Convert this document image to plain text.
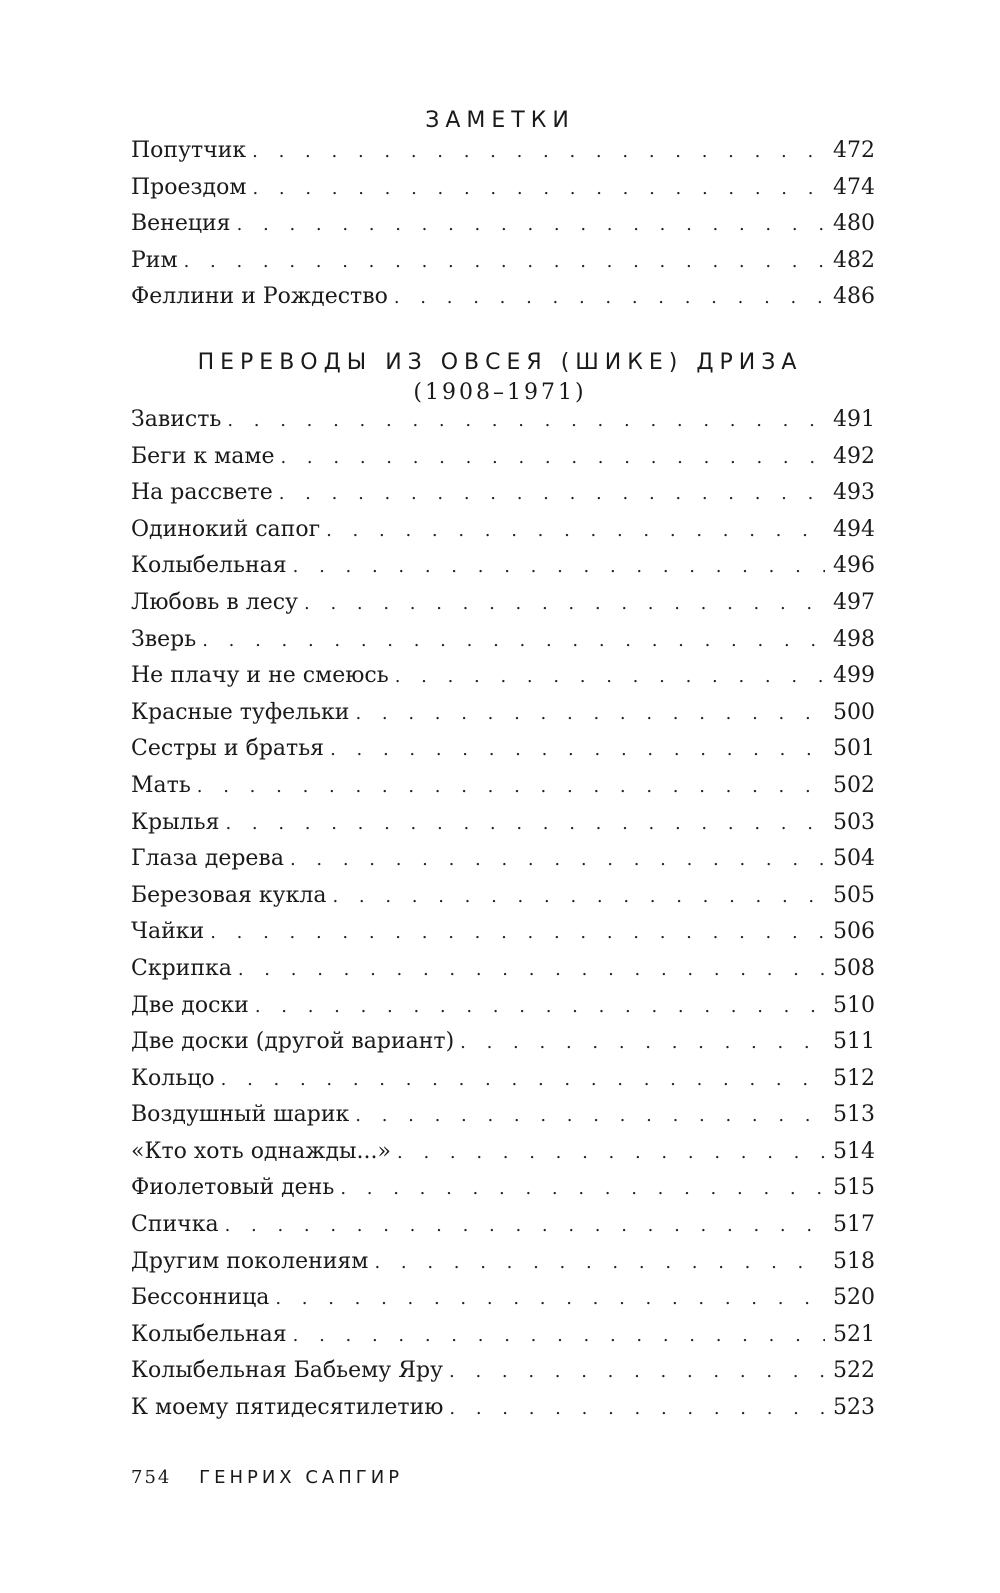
ЗАМЕТКИ
Попутчик . . .	472
Проездом . . .	474
Венеция . . .	480
Рим . . .	482
Феллини и Рождество . . .	486
ПЕРЕВОДЫ ИЗ ОВСЕЯ (ШИКЕ) ДРИЗА
(1908–1971)
Зависть . . .	491
Беги к маме . . .	492
На рассвете . . .	493
Одинокий сапог . . .	494
Колыбельная . . .	496
Любовь в лесу . . .	497
Зверь . . .	498
Не плачу и не смеюсь . . .	499
Красные туфельки . . .	500
Сестры и братья . . .	501
Мать . . .	502
Крылья . . .	503
Глаза дерева . . .	504
Березовая кукла . . .	505
Чайки . . .	506
Скрипка . . .	508
Две доски . . .	510
Две доски (другой вариант) . . .	511
Кольцо . . .	512
Воздушный шарик . . .	513
«Кто хоть однажды...» . . .	514
Фиолетовый день . . .	515
Спичка . . .	517
Другим поколениям . . .	518
Бессонница . . .	520
Колыбельная . . .	521
Колыбельная Бабьему Яру . . .	522
К моему пятидесятилетию . . .	523
754 ГЕНРИХ САПГИР
